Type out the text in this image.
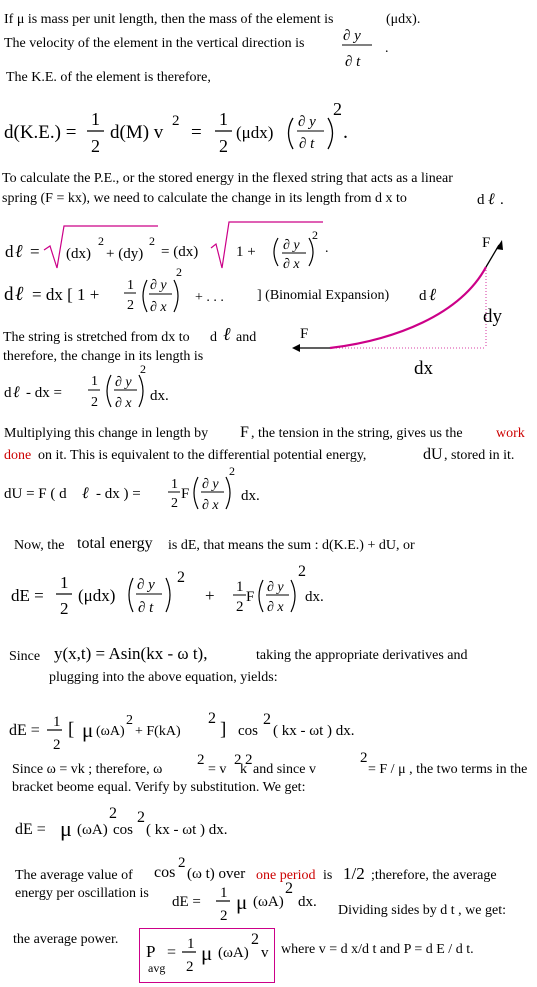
If μ is mass per unit length, then the mass of the element is	(μdx).
The velocity of the element in the vertical direction is
The K.E. of the element is therefore,
∂ y
∂ t
.
d(K.E.) =
1
2
d(M) v
2
=
1
2
(μdx)
∂ y
∂ t
2
.
To calculate the P.E., or the stored energy in the flexed string that acts as a linear
spring (F = kx), we need to calculate the change in its length from d x to	d ℓ .
d ℓ = (dx)
2
+ (dy)
2
= (dx)	1 + ∂ y
∂ x
2
.
d ℓ = dx [ 1 + 1
2
∂ y
∂ x
2
+ . . . ] (Binomial Expansion)
F
F
d ℓ
dy
dx
The string is stretched from dx to ℓ
d and
therefore, the change in its length is
d ℓ - dx =
1
2
∂ y
∂ x
2
dx.
Multiplying this change in length by F , the tension in the string, gives us the work
done on it. This is equivalent to the differential potential energy,	dU , stored in it.
dU = F ( d ℓ - dx ) =
1
2
F
∂ y
∂ x
2
dx.
Now, the total energy is dE, that means the sum : d(K.E.) + dU, or
dE =
1
2
(μdx)
∂ y
∂ t
2
+ 1
2
F
∂ y
∂ x
2
dx.
Since y(x,t) = Asin(kx - ω t),	taking the appropriate derivatives and
plugging into the above equation, yields:
dE = 1
2
[ μ (ωA)
2
+ F(kA)
2
] cos
2
( kx - ωt ) dx.
Since ω = vk ; therefore, ω
2
= v
2
k
2
and since v
2
= F / μ , the two terms in the
bracket beome equal. Verify by substitution. We get:
dE = μ (ωA)
2
cos
2
( kx - ωt ) dx.
The average value of cos
2
(ω t) over one period is 1/2 ;therefore, the average
energy per oscillation is
dE =
1
2
μ (ωA)
2
dx.
Dividing sides by d t , we get:
the average power.
P
avg
= 1
2
μ (ωA)
2
v where v = d x/d t and P = d E / d t.
